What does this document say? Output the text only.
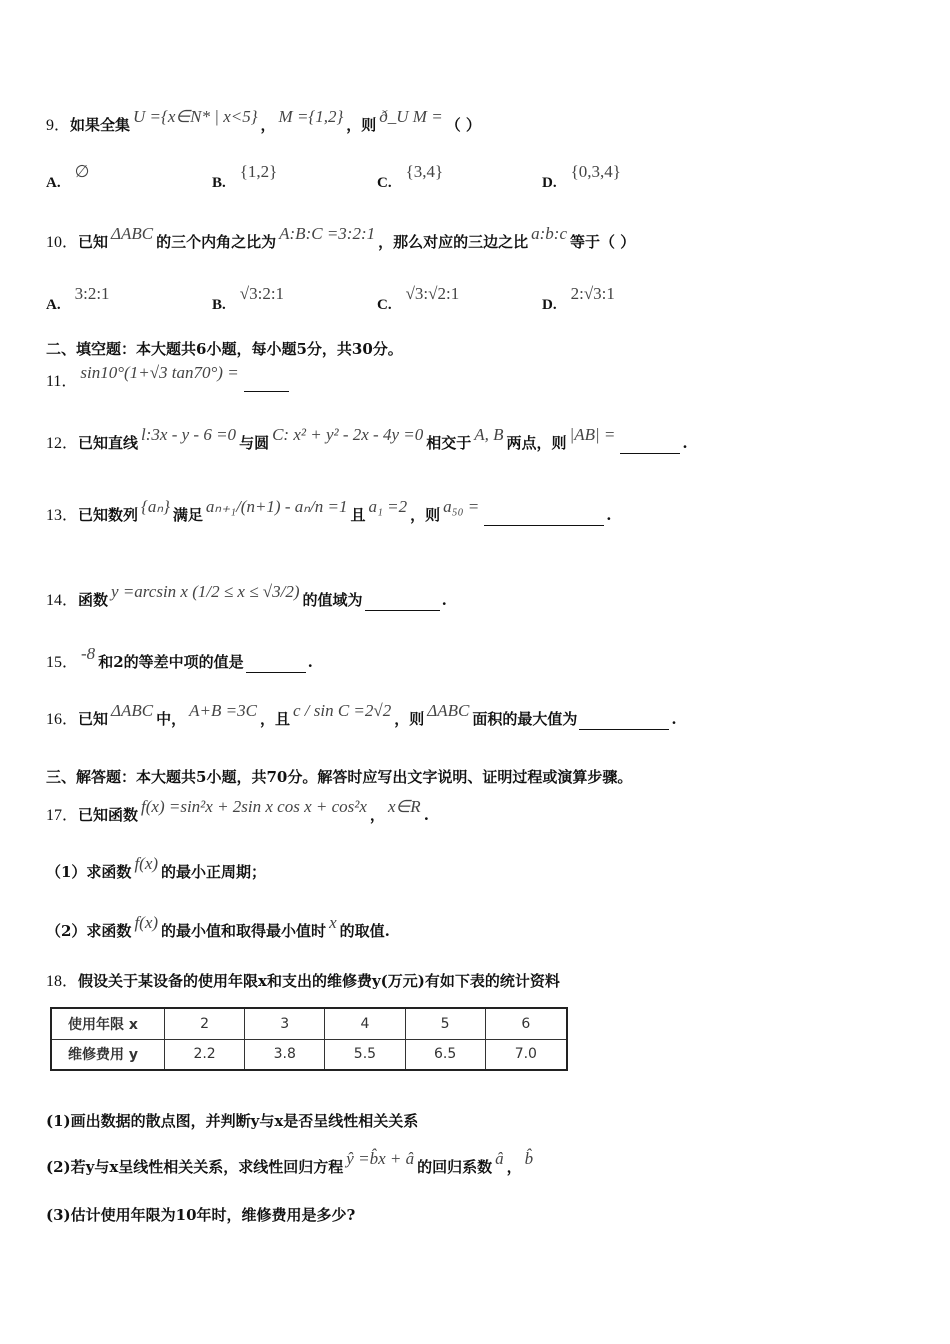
使用年限 x	2	3	4	5	6
维修费用 y	2.2	3.8	5.5	6.5	7.0
9．如果全集 U ={x∈N* | x<5} ， M ={1,2} ，则 ð_U M = （ ）
10．已知 ΔABC 的三个内角之比为 A:B:C =3:2:1 ，那么对应的三边之比 a:b:c 等于（ ）
二、填空题：本大题共6小题，每小题5分，共30分。
11． sin10°(1+√3 tan70°) =　　　
12．已知直线 l:3x - y - 6 =0 与圆 C: x² + y² - 2x - 4y =0 相交于 A, B 两点，则 |AB| =　　　　	.
13．已知数列 {aₙ} 满足 aₙ₊₁/(n+1) - aₙ/n =1 且 a₁ =2 ，则 a₅₀ =　　　　　　　　	.
14．函数 y =arcsin x (1/2 ≤ x ≤ √3/2) 的值域为　　　　　	.
15． -8 和2的等差中项的值是　　　　	.
16．已知 ΔABC 中， A+B =3C ，且 c / sin C =2√2 ，则 ΔABC 面积的最大值为　　　　　　	.
三、解答题：本大题共5小题，共70分。解答时应写出文字说明、证明过程或演算步骤。
17．已知函数 f(x) =sin²x + 2sin x cos x + cos²x ， x∈R .
（1）求函数 f(x) 的最小正周期；
（2）求函数 f(x) 的最小值和取得最小值时 x 的取值.
18．假设关于某设备的使用年限x和支出的维修费y(万元)有如下表的统计资料
(1)画出数据的散点图，并判断y与x是否呈线性相关关系
(2)若y与x呈线性相关关系，求线性回归方程 ŷ =b̂x + â 的回归系数 â ， b̂
(3)估计使用年限为10年时，维修费用是多少?
A.∅
B.{1,2}
C.{3,4}
D.{0,3,4}
A.3:2:1
B.√3:2:1
C.√3:√2:1
D.2:√3:1
